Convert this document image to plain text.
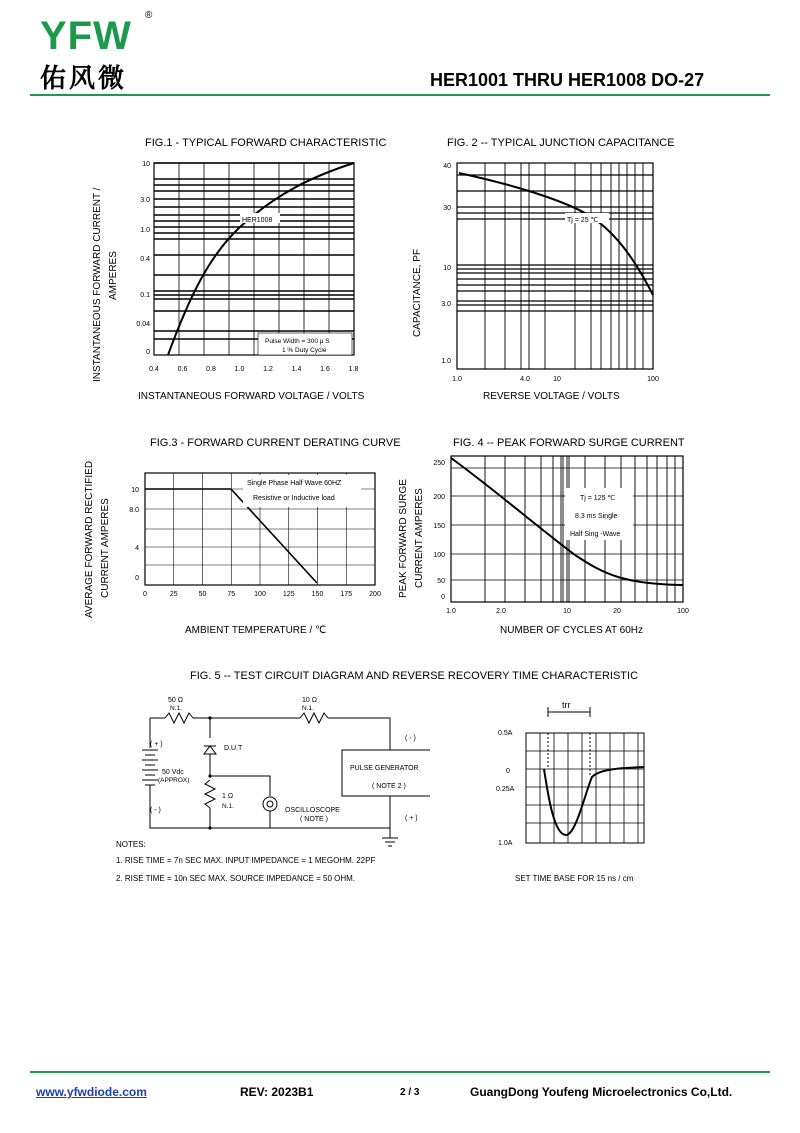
YFW ®
佑风微	HER1001 THRU HER1008 DO-27
FIG.1 - TYPICAL FORWARD CHARACTERISTIC
INSTANTANEOUS FORWARD CURRENT / AMPERES
INSTANTANEOUS FORWARD VOLTAGE / VOLTS
10
3.0
1.0
0.4
0.1
0.04
0
0.4	0.6	0.8	1.0	1.2	1.4	1.6	1.8
HER1008
Pulse Width = 300 μ S
1 % Duty Cycle
FIG. 2 -- TYPICAL JUNCTION CAPACITANCE
CAPACITANCE, PF
REVERSE VOLTAGE / VOLTS
40
30
10
3.0
1.0
1.0	4.0	10	100
Tj = 25 ℃
FIG.3 - FORWARD CURRENT DERATING CURVE
AVERAGE FORWARD RECTIFIED CURRENT AMPERES
AMBIENT TEMPERATURE / ℃
10
8.0
4
0
0	25	50	75	100 125 150 175 200
Single Phase Half Wave 60HZ
Resistive or Inductive load
FIG. 4 -- PEAK FORWARD SURGE CURRENT
PEAK FORWARD SURGE CURRENT AMPERES
NUMBER OF CYCLES AT 60Hz
250
200
150
100
50
0
1.0	2.0	10	20	100
Tj = 125 ℃
8.3 ms Single
Half Sing -Wave
FIG. 5 -- TEST CIRCUIT DIAGRAM AND REVERSE RECOVERY TIME CHARACTERISTIC
50 Ω
N.1.
10 Ω
N.1.
1 Ω
N.1.
( + )
( - )
50 Vdc
(APPROX)
D.U.T
PULSE GENERATOR
( NOTE 2 )
( - )
( + )
OSCILLOSCOPE
( NOTE )
NOTES:
1. RISE TIME = 7n SEC MAX. INPUT IMPEDANCE = 1 MEGOHM. 22PF
2. RISE TIME = 10n SEC MAX. SOURCE IMPEDANCE = 50 OHM.
trr
0.5A
0
0.25A
1.0A
SET TIME BASE FOR 15 ns / cm
www.yfwdiode.com	REV: 2023B1	2 / 3	GuangDong Youfeng Microelectronics Co,Ltd.
